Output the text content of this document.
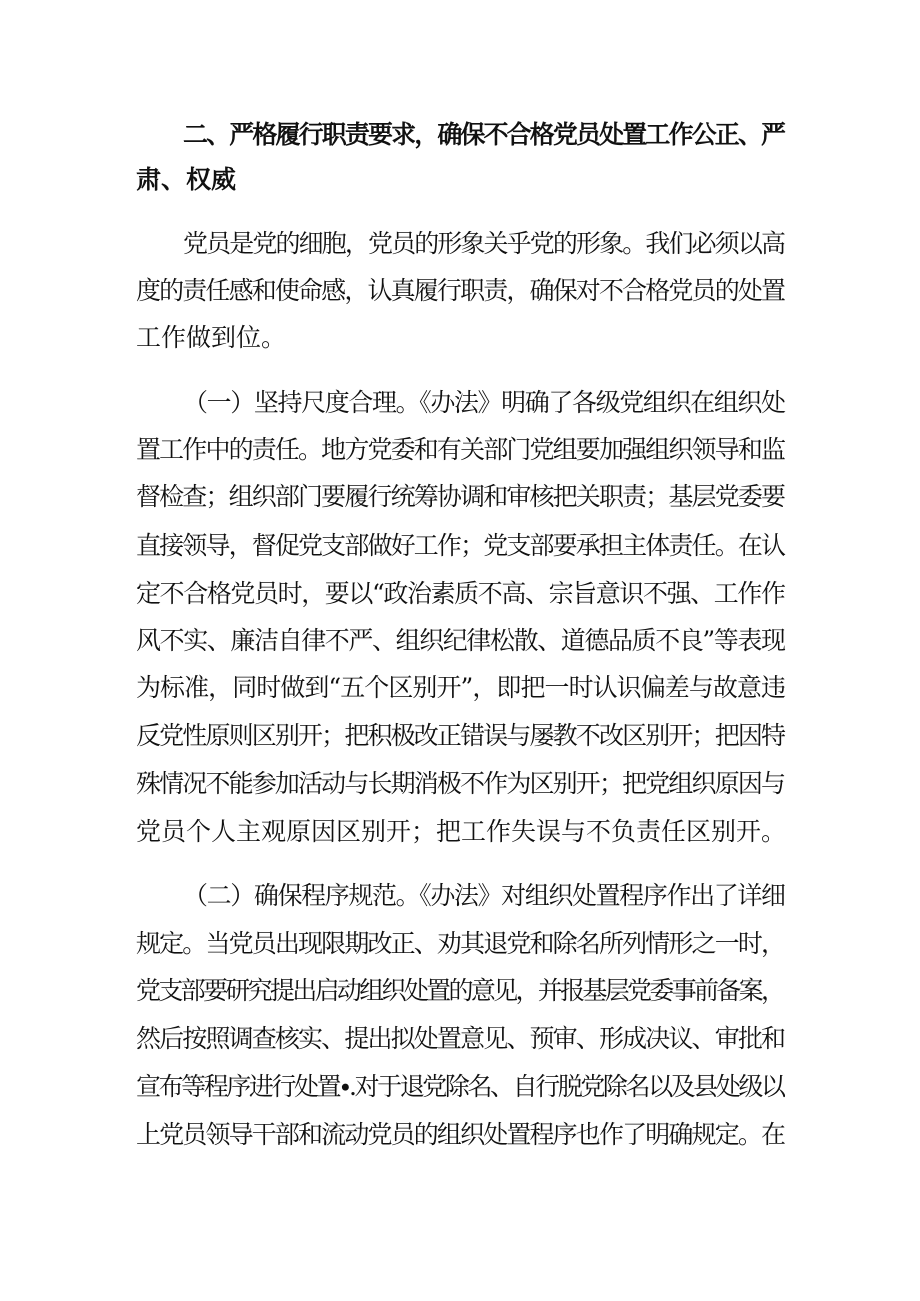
二、严格履行职责要求，确保不合格党员处置工作公正、严
肃、权威

党员是党的细胞，党员的形象关乎党的形象。我们必须以高

度的责任感和使命感，认真履行职责，确保对不合格党员的处置

工作做到位。

（一）坚持尺度合理。《办法》明确了各级党组织在组织处

置工作中的责任。地方党委和有关部门党组要加强组织领导和监

督检查；组织部门要履行统筹协调和审核把关职责；基层党委要

直接领导，督促党支部做好工作；党支部要承担主体责任。在认

定不合格党员时，要以“政治素质不高、宗旨意识不强、工作作

风不实、廉洁自律不严、组织纪律松散、道德品质不良”等表现

为标准，同时做到“五个区别开”，即把一时认识偏差与故意违

反党性原则区别开；把积极改正错误与屡教不改区别开；把因特

殊情况不能参加活动与长期消极不作为区别开；把党组织原因与

党员个人主观原因区别开；把工作失误与不负责任区别开。

（二）确保程序规范。《办法》对组织处置程序作出了详细

规定。当党员出现限期改正、劝其退党和除名所列情形之一时，

党支部要研究提出启动组织处置的意见，并报基层党委事前备案，

然后按照调查核实、提出拟处置意见、预审、形成决议、审批和

宣布等程序进行处置∙.对于退党除名、自行脱党除名以及县处级以

上党员领导干部和流动党员的组织处置程序也作了明确规定。在
